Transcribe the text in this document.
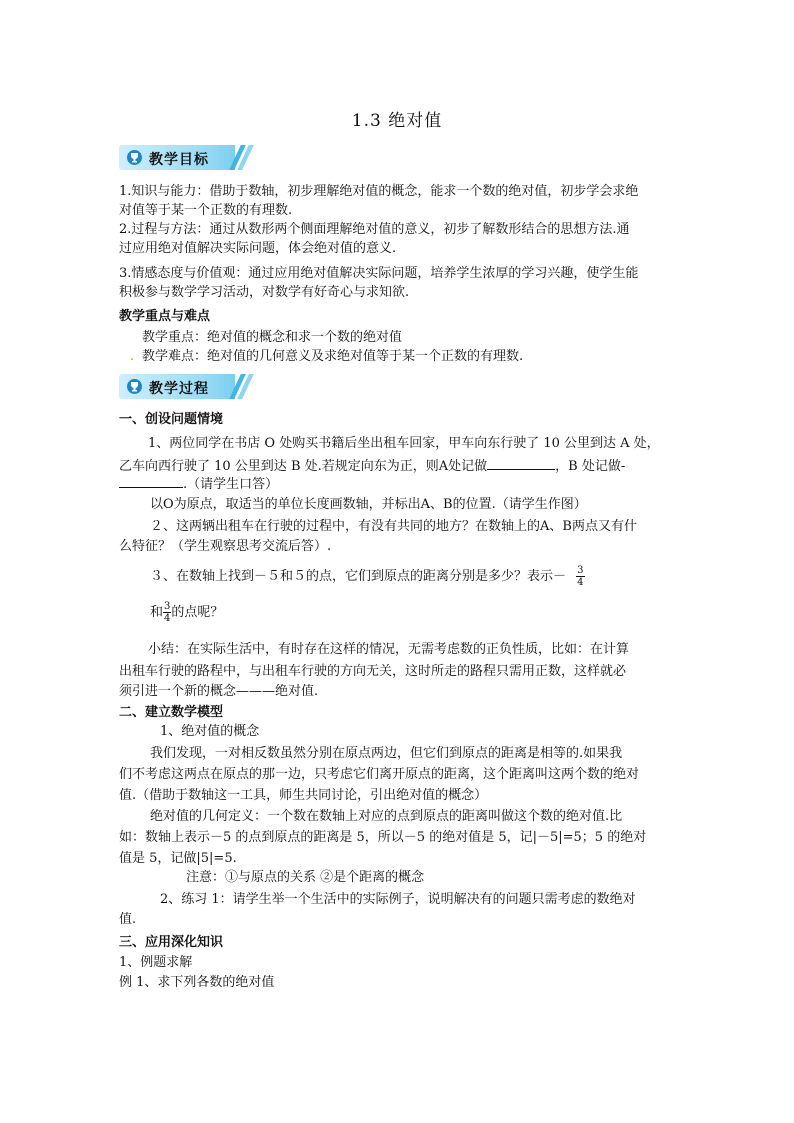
1.3 绝对值
教学目标
1.知识与能力：借助于数轴，初步理解绝对值的概念，能求一个数的绝对值，初步学会求绝
对值等于某一个正数的有理数.
2.过程与方法：通过从数形两个侧面理解绝对值的意义，初步了解数形结合的思想方法.通
过应用绝对值解决实际问题，体会绝对值的意义.
3.情感态度与价值观：通过应用绝对值解决实际问题，培养学生浓厚的学习兴趣，使学生能
积极参与数学学习活动，对数学有好奇心与求知欲.
教学重点与难点
教学重点：绝对值的概念和求一个数的绝对值
. 教学难点：绝对值的几何意义及求绝对值等于某一个正数的有理数.
教学过程
一、创设问题情境
1、两位同学在书店 O 处购买书籍后坐出租车回家，甲车向东行驶了 10 公里到达 A 处，
乙车向西行驶了 10 公里到达 B 处.若规定向东为正，则A处记做	，B 处记做-
.（请学生口答）
以O为原点，取适当的单位长度画数轴，并标出A、B的位置.（请学生作图）
２、这两辆出租车在行驶的过程中，有没有共同的地方？在数轴上的A、B两点又有什
么特征？（学生观察思考交流后答）.
３、在数轴上找到－５和５的点，它们到原点的距离分别是多少？表示－ $\frac{3}{4}$
和 $\frac{3}{4}$ 的点呢？
小结：在实际生活中，有时存在这样的情况，无需考虑数的正负性质，比如：在计算
出租车行驶的路程中，与出租车行驶的方向无关，这时所走的路程只需用正数，这样就必
须引进一个新的概念———绝对值.
二、建立数学模型
1、绝对值的概念
我们发现，一对相反数虽然分别在原点两边，但它们到原点的距离是相等的.如果我
们不考虑这两点在原点的那一边，只考虑它们离开原点的距离，这个距离叫这两个数的绝对
值.（借助于数轴这一工具，师生共同讨论，引出绝对值的概念）
绝对值的几何定义：一个数在数轴上对应的点到原点的距离叫做这个数的绝对值.比
如：数轴上表示－5 的点到原点的距离是 5，所以－5 的绝对值是 5，记|－5|=5；5 的绝对
值是 5，记做|5|=5.
注意：①与原点的关系 ②是个距离的概念
2、练习 1：请学生举一个生活中的实际例子，说明解决有的问题只需考虑的数绝对
值.
三、应用深化知识
1、例题求解
例 1、求下列各数的绝对值
